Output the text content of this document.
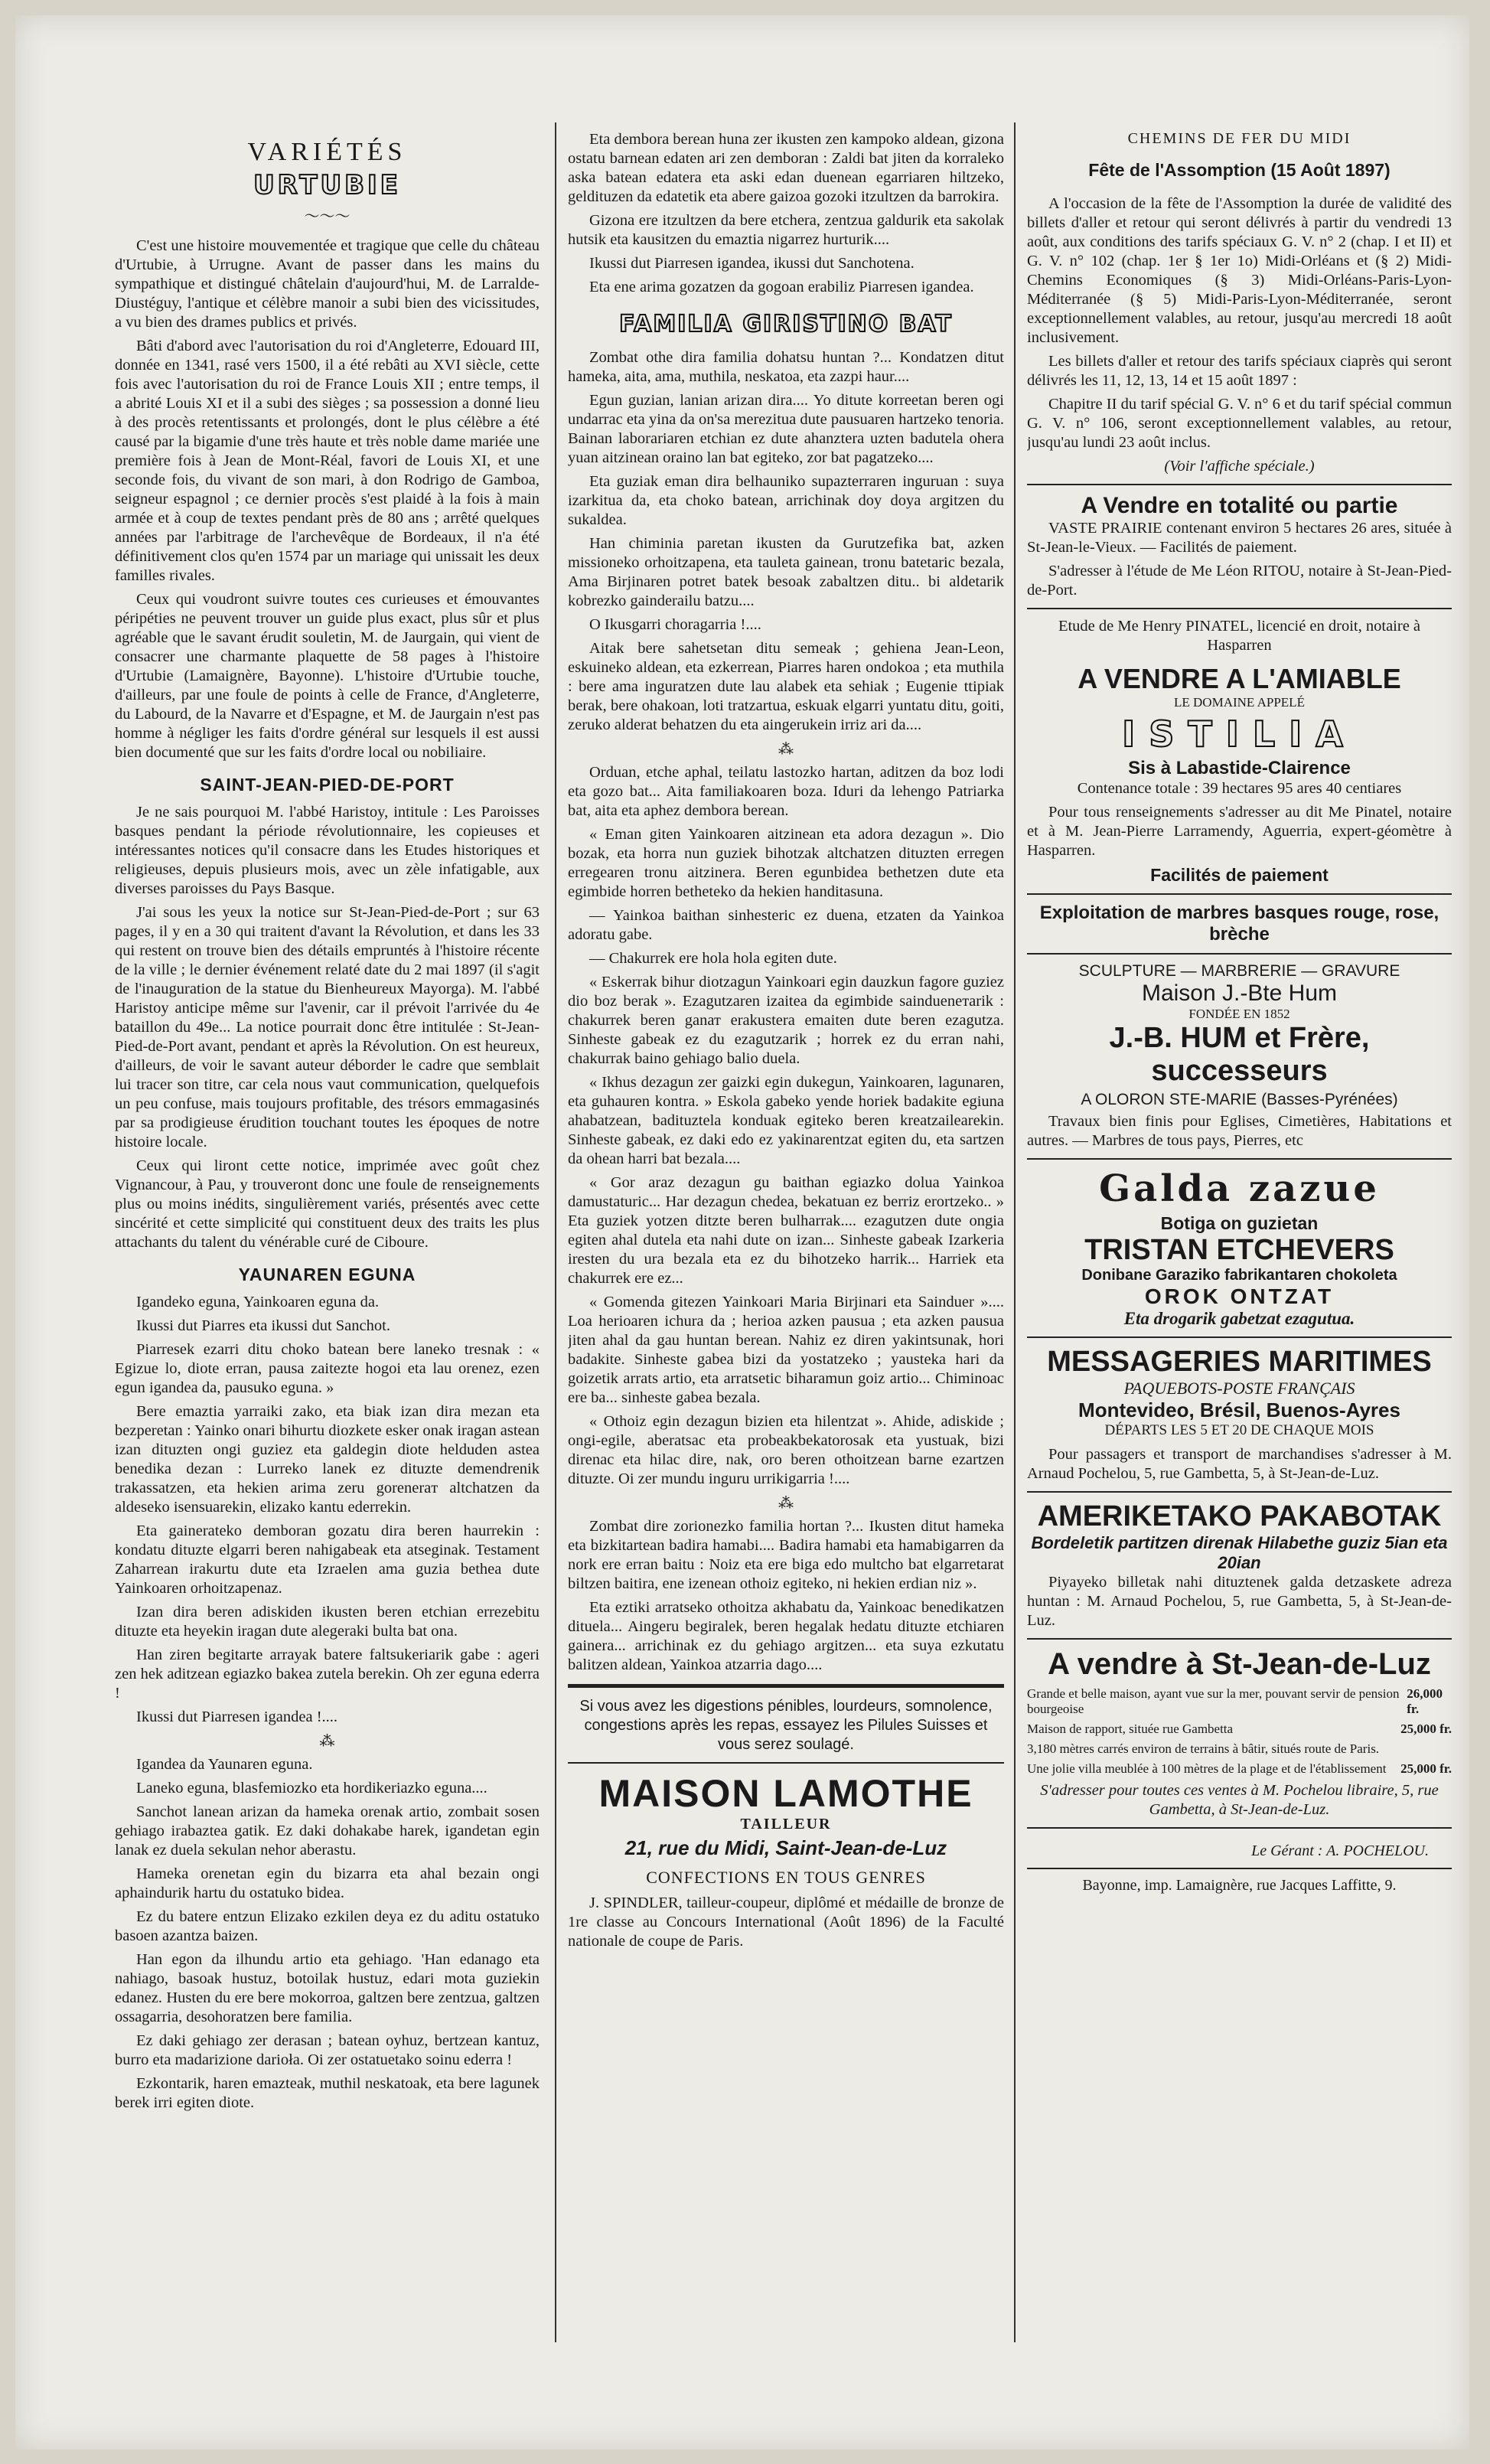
VARIÉTÉS
URTUBIE
〜〜〜

C'est une histoire mouvementée et tragique que celle du château d'Urtubie, à Urrugne. Avant de passer dans les mains du sympathique et distingué châtelain d'aujourd'hui, M. de Larralde-Diustéguy, l'antique et célèbre manoir a subi bien des vicissitudes, a vu bien des drames publics et privés.

Bâti d'abord avec l'autorisation du roi d'Angleterre, Edouard III, donnée en 1341, rasé vers 1500, il a été rebâti au XVI siècle, cette fois avec l'autorisation du roi de France Louis XII ; entre temps, il a abrité Louis XI et il a subi des sièges ; sa possession a donné lieu à des procès retentissants et prolongés, dont le plus célèbre a été causé par la bigamie d'une très haute et très noble dame mariée une première fois à Jean de Mont-Réal, favori de Louis XI, et une seconde fois, du vivant de son mari, à don Rodrigo de Gamboa, seigneur espagnol ; ce dernier procès s'est plaidé à la fois à main armée et à coup de textes pendant près de 80 ans ; arrêté quelques années par l'arbitrage de l'archevêque de Bordeaux, il n'a été définitivement clos qu'en 1574 par un mariage qui unissait les deux familles rivales.

Ceux qui voudront suivre toutes ces curieuses et émouvantes péripéties ne peuvent trouver un guide plus exact, plus sûr et plus agréable que le savant érudit souletin, M. de Jaurgain, qui vient de consacrer une charmante plaquette de 58 pages à l'histoire d'Urtubie (Lamaignère, Bayonne). L'histoire d'Urtubie touche, d'ailleurs, par une foule de points à celle de France, d'Angleterre, du Labourd, de la Navarre et d'Espagne, et M. de Jaurgain n'est pas homme à négliger les faits d'ordre général sur lesquels il est aussi bien documenté que sur les faits d'ordre local ou nobiliaire.

SAINT-JEAN-PIED-DE-PORT

Je ne sais pourquoi M. l'abbé Haristoy, intitule : Les Paroisses basques pendant la période révolutionnaire, les copieuses et intéressantes notices qu'il consacre dans les Etudes historiques et religieuses, depuis plusieurs mois, avec un zèle infatigable, aux diverses paroisses du Pays Basque.

J'ai sous les yeux la notice sur St-Jean-Pied-de-Port ; sur 63 pages, il y en a 30 qui traitent d'avant la Révolution, et dans les 33 qui restent on trouve bien des détails empruntés à l'histoire récente de la ville ; le dernier événement relaté date du 2 mai 1897 (il s'agit de l'inauguration de la statue du Bienheureux Mayorga). M. l'abbé Haristoy anticipe même sur l'avenir, car il prévoit l'arrivée du 4e bataillon du 49e... La notice pourrait donc être intitulée : St-Jean-Pied-de-Port avant, pendant et après la Révolution. On est heureux, d'ailleurs, de voir le savant auteur déborder le cadre que semblait lui tracer son titre, car cela nous vaut communication, quelquefois un peu confuse, mais toujours profitable, des trésors emmagasinés par sa prodigieuse érudition touchant toutes les époques de notre histoire locale.

Ceux qui liront cette notice, imprimée avec goût chez Vignancour, à Pau, y trouveront donc une foule de renseignements plus ou moins inédits, singulièrement variés, présentés avec cette sincérité et cette simplicité qui constituent deux des traits les plus attachants du talent du vénérable curé de Ciboure.

YAUNAREN EGUNA

Igandeko eguna, Yainkoaren eguna da.

Ikussi dut Piarres eta ikussi dut Sanchot.

Piarresek ezarri ditu choko batean bere laneko tresnak : « Egizue lo, diote erran, pausa zaitezte hogoi eta lau orenez, ezen egun igandea da, pausuko eguna. »

Bere emaztia yarraiki zako, eta biak izan dira mezan eta bezperetan : Yainko onari bihurtu diozkete esker onak iragan astean izan dituzten ongi guziez eta galdegin diote helduden astea benedika dezan : Lurreko lanek ez dituzte demendrenik trakassatzen, eta hekien arima zeru goreneraт altchatzen da aldeseko isensuarekin, elizako kantu ederrekin.

Eta gainerateko demboran gozatu dira beren haurrekin : kondatu dituzte elgarri beren nahigabeak eta atseginak. Testament Zaharrean irakurtu dute eta Izraelen ama guzia bethea dute Yainkoaren orhoitzapenaz.

Izan dira beren adiskiden ikusten beren etchian errezebitu dituzte eta heyekin iragan dute alegeraki bulta bat ona.

Han ziren begitarte arrayak batere faltsukeriarik gabe : ageri zen hek aditzean egiazko bakea zutela berekin. Oh zer eguna ederra !

Ikussi dut Piarresen igandea !....

⁂

Igandea da Yaunaren eguna.

Laneko eguna, blasfemiozko eta hordikeriazko eguna....

Sanchot lanean arizan da hameka orenak artio, zombait sosen gehiago irabazteа gatik. Ez daki dohakabe harek, igandetan egin lanak ez duela sekulan nehor aberastu.

Hameka orenetan egin du bizarra eta ahal bezain ongi aphaindurik hartu du ostatuko bidea.

Ez du batere entzun Elizako ezkilen deya ez du aditu ostatuko basoen azantza baizen.

Han egon da ilhundu artio eta gehiago. 'Han edanago eta nahiago, basoak hustuz, botoilak hustuz, edari mota guziekin edanez. Husten du ere bere mokorroa, galtzen bere zentzua, galtzen ossagarria, desohoratzen bere familia.

Ez daki gehiago zer derasan ; batean oyhuz, bertzean kantuz, burro eta madarizione darioła. Oi zer ostatuetako soinu ederra !

Ezkontarik, haren emazteak, muthil neskatoak, eta bere lagunek berek irri egiten diote.

Eta dembora berean huna zer ikusten zen kampoko aldean, gizona ostatu barnean edaten ari zen demboran : Zaldi bat jiten da korraleko aska batean edatera eta aski edan duenean egarriaren hiltzeko, geldituzen da edatetik eta abere gaizoa gozoki itzultzen da barrokira.

Gizona ere itzultzen da bere etchera, zentzua galdurik eta sakolak hutsik eta kausitzen du emaztia nigarrez hurturik....

Ikussi dut Piarresen igandea, ikussi dut Sanchotena.

Eta ene arima gozatzen da gogoan erabiliz Piarresen igandea.

FAMILIA GIRISTINO BAT

Zombat othe dira familia dohatsu huntan ?... Kondatzen ditut hameka, aita, ama, muthila, neskatoa, eta zazpi haur....

Egun guzian, lanian arizan dira.... Yo ditute korreetan beren ogi undarrac eta yina da on'sa merezitua dute pausuaren hartzeko tenoria. Bainan laborariaren etchian ez dute ahanztera uzten badutela ohera yuan aitzinean oraino lan bat egiteko, zor bat pagatzeko....

Eta guziak eman dira belhauniko supazterraren inguruan : suya izarkitua da, eta choko batean, arrichinak doy doya argitzen du sukaldea.

Han chiminia paretan ikusten da Gurutzefika bat, azken missioneko orhoitzapena, eta tauleta gainean, tronu batetaric bezala, Ama Birjinaren potret batek besoak zabaltzen ditu.. bi aldetarik kobrezko gainderailu batzu....

O Ikusgarri choragarria !....

Aitak bere sahetsetan ditu semeak ; gehiena Jean-Leon, eskuineko aldean, eta ezkerrean, Piarres haren ondokoa ; eta muthila : bere ama inguratzen dute lau alabek eta sehiak ; Eugenie ttipiak berak, bere ohakoan, loti tratzartua, eskuak elgarri yuntatu ditu, goiti, zeruko alderat behatzen du eta aingerukein irriz ari da....

⁂

Orduan, etche aphal, teilatu lastozko hartan, aditzen da boz lodi eta gozo bat... Aita familiakoaren boza. Iduri da lehengo Patriarka bat, aita eta aphez dembora berean.

« Eman giten Yainkoaren aitzinean eta adora dezagun ». Dio bozak, eta horra nun guziek bihotzak altchatzen dituzten erregen erregearen tronu aitzinera. Beren egunbideа bethetzen dute eta egimbide horren betheteko da hekien handitasuna.

— Yainkoa baithan sinhesteric ez duena, etzaten da Yainkoa adoratu gabe.

— Chakurrek ere hola hola egiten dute.

« Eskerrak bihur diotzagun Yainkoari egin dauzkun fagore guziez dio boz berak ». Ezagutzaren izaitea da egimbide saindueneтarik : chakurrek beren ganат erakustera emaiten dute beren ezagutza. Sinheste gabeak ez du ezagutzarik ; horrek ez du erran nahi, chakurrak baino gehiago balio duela.

« Ikhus dezagun zer gaizki egin dukegun, Yainkoaren, lagunaren, eta guhauren kontra. » Eskola gabeko yende horiek badakite egiuna ahabatzean, badituztela konduak egiteko beren kreatzailearekin. Sinheste gabeak, ez daki edo ez yakinarentzat egiten du, eta sartzen da ohean harri bat bezala....

« Gor araz dezagun gu baithan egiazko dolua Yainkoa damustaturic... Har dezagun chedea, bekatuan ez berriz erortzeko.. » Eta guziek yotzen ditzte beren bulharrak.... ezagutzen dute ongia egiten ahal dutela eta nahi dute on izan... Sinheste gabeak Izarkeria iresten du ura bezala eta ez du bihotzeko harrik... Harriek eta chakurrek ere ez...

« Gomenda gitezen Yainkoari Maria Birjinari eta Sainduer ».... Loa herioaren ichura da ; herioa azken pausua ; eta azken pausua jiten ahal da gau huntan berean. Nahiz ez diren yakintsunak, hori badakite. Sinheste gabea bizi da yostatzeko ; yausteka hari da goizetik arrats artio, eta arratsetic biharamun goiz artio... Chiminoac ere ba... sinheste gabea bezala.

« Othoiz egin dezagun bizien eta hilentzat ». Ahide, adiskide ; ongi-egile, aberatsac eta probeakbekatorosak eta yustuak, bizi direnac eta hilac dire, nak, oro beren othoitzean barne ezartzen dituzte. Oi zer mundu inguru urrikigarria !....

⁂

Zombat dire zorionezko familia hortan ?... Ikusten ditut hameka eta bizkitartean badira hamabi.... Badira hamabi eta hamabigarren da nork ere erran baitu : Noiz eta ere biga edo multcho bat elgarretarat biltzen baitira, ene izenean othoiz egiteko, ni hekien erdian niz ».

Eta eztiki arratseko othoitza akhabatu da, Yainkoac benedikatzen dituela... Aingeru begiralek, beren hegalak hedatu dituzte etchiaren gainera... arrichinak ez du gehiago argitzen... eta suya ezkutatu balitzen aldean, Yainkoa atzarria dago....

Si vous avez les digestions pénibles, lourdeurs, somnolence, congestions après les repas, essayez les Pilules Suisses et vous serez soulagé.

MAISON LAMOTHE
TAILLEUR
21, rue du Midi, Saint-Jean-de-Luz
CONFECTIONS EN TOUS GENRES

J. SPINDLER, tailleur-coupeur, diplômé et médaille de bronze de 1re classe au Concours International (Août 1896) de la Faculté nationale de coupe de Paris.

CHEMINS DE FER DU MIDI
Fête de l'Assomption (15 Août 1897)

A l'occasion de la fête de l'Assomption la durée de validité des billets d'aller et retour qui seront délivrés à partir du vendredi 13 août, aux conditions des tarifs spéciaux G. V. n° 2 (chap. I et II) et G. V. n° 102 (chap. 1er § 1er 1o) Midi-Orléans et (§ 2) Midi-Chemins Economiques (§ 3) Midi-Orléans-Paris-Lyon-Méditerranée (§ 5) Midi-Paris-Lyon-Méditerranée, seront exceptionnellement valables, au retour, jusqu'au mercredi 18 août inclusivement.

Les billets d'aller et retour des tarifs spéciaux ciaprès qui seront délivrés les 11, 12, 13, 14 et 15 août 1897 :

Chapitre II du tarif spécial G. V. n° 6 et du tarif spécial commun G. V. n° 106, seront exceptionnellement valables, au retour, jusqu'au lundi 23 août inclus.

(Voir l'affiche spéciale.)

A Vendre en totalité ou partie

VASTE PRAIRIE contenant environ 5 hectares 26 ares, située à St-Jean-le-Vieux. — Facilités de paiement.

S'adresser à l'étude de Me Léon RITOU, notaire à St-Jean-Pied-de-Port.

Etude de Me Henry PINATEL, licencié en droit, notaire à Hasparren

A VENDRE A L'AMIABLE
LE DOMAINE APPELÉ
ISTILIA
Sis à Labastide-Clairence

Contenance totale : 39 hectares 95 ares 40 centiares

Pour tous renseignements s'adresser au dit Me Pinatel, notaire et à M. Jean-Pierre Larramendy, Aguerria, expert-géomètre à Hasparren.

Facilités de paiement
Exploitation de marbres basques rouge, rose, brèche
SCULPTURE — MARBRERIE — GRAVURE
Maison J.-Bte Hum
FONDÉE EN 1852
J.-B. HUM et Frère, successeurs
A OLORON STE-MARIE (Basses-Pyrénées)

Travaux bien finis pour Eglises, Cimetières, Habitations et autres. — Marbres de tous pays, Pierres, etc

Galda zazue
Botiga on guzietan
TRISTAN ETCHEVERS
Donibane Garaziko fabrikantaren chokoleta
OROK ONTZAT
Eta drogarik gabetzat ezagutua.
MESSAGERIES MARITIMES
PAQUEBOTS-POSTE FRANÇAIS
Montevideo, Brésil, Buenos-Ayres
DÉPARTS LES 5 ET 20 DE CHAQUE MOIS

Pour passagers et transport de marchandises s'adresser à M. Arnaud Pochelou, 5, rue Gambetta, 5, à St-Jean-de-Luz.

AMERIKETAKO PAKABOTAK
Bordeletik partitzen direnak Hilabethe guziz 5ian eta 20ian

Piyayeko billetak nahi dituztenek galda detzaskete adreza huntan : M. Arnaud Pochelou, 5, rue Gambetta, 5, à St-Jean-de-Luz.

A vendre à St-Jean-de-Luz
Grande et belle maison, ayant vue sur la mer, pouvant servir de pension bourgeoise
26,000 fr.
Maison de rapport, située rue Gambetta	25,000 fr.
3,180 mètres carrés environ de terrains à bâtir, situés route de Paris.
Une jolie villa meublée à 100 mètres de la plage et de l'établissement 25,000 fr.

S'adresser pour toutes ces ventes à M. Pochelou libraire, 5, rue Gambetta, à St-Jean-de-Luz.

Le Gérant : A. POCHELOU.
Bayonne, imp. Lamaignère, rue Jacques Laffitte, 9.
